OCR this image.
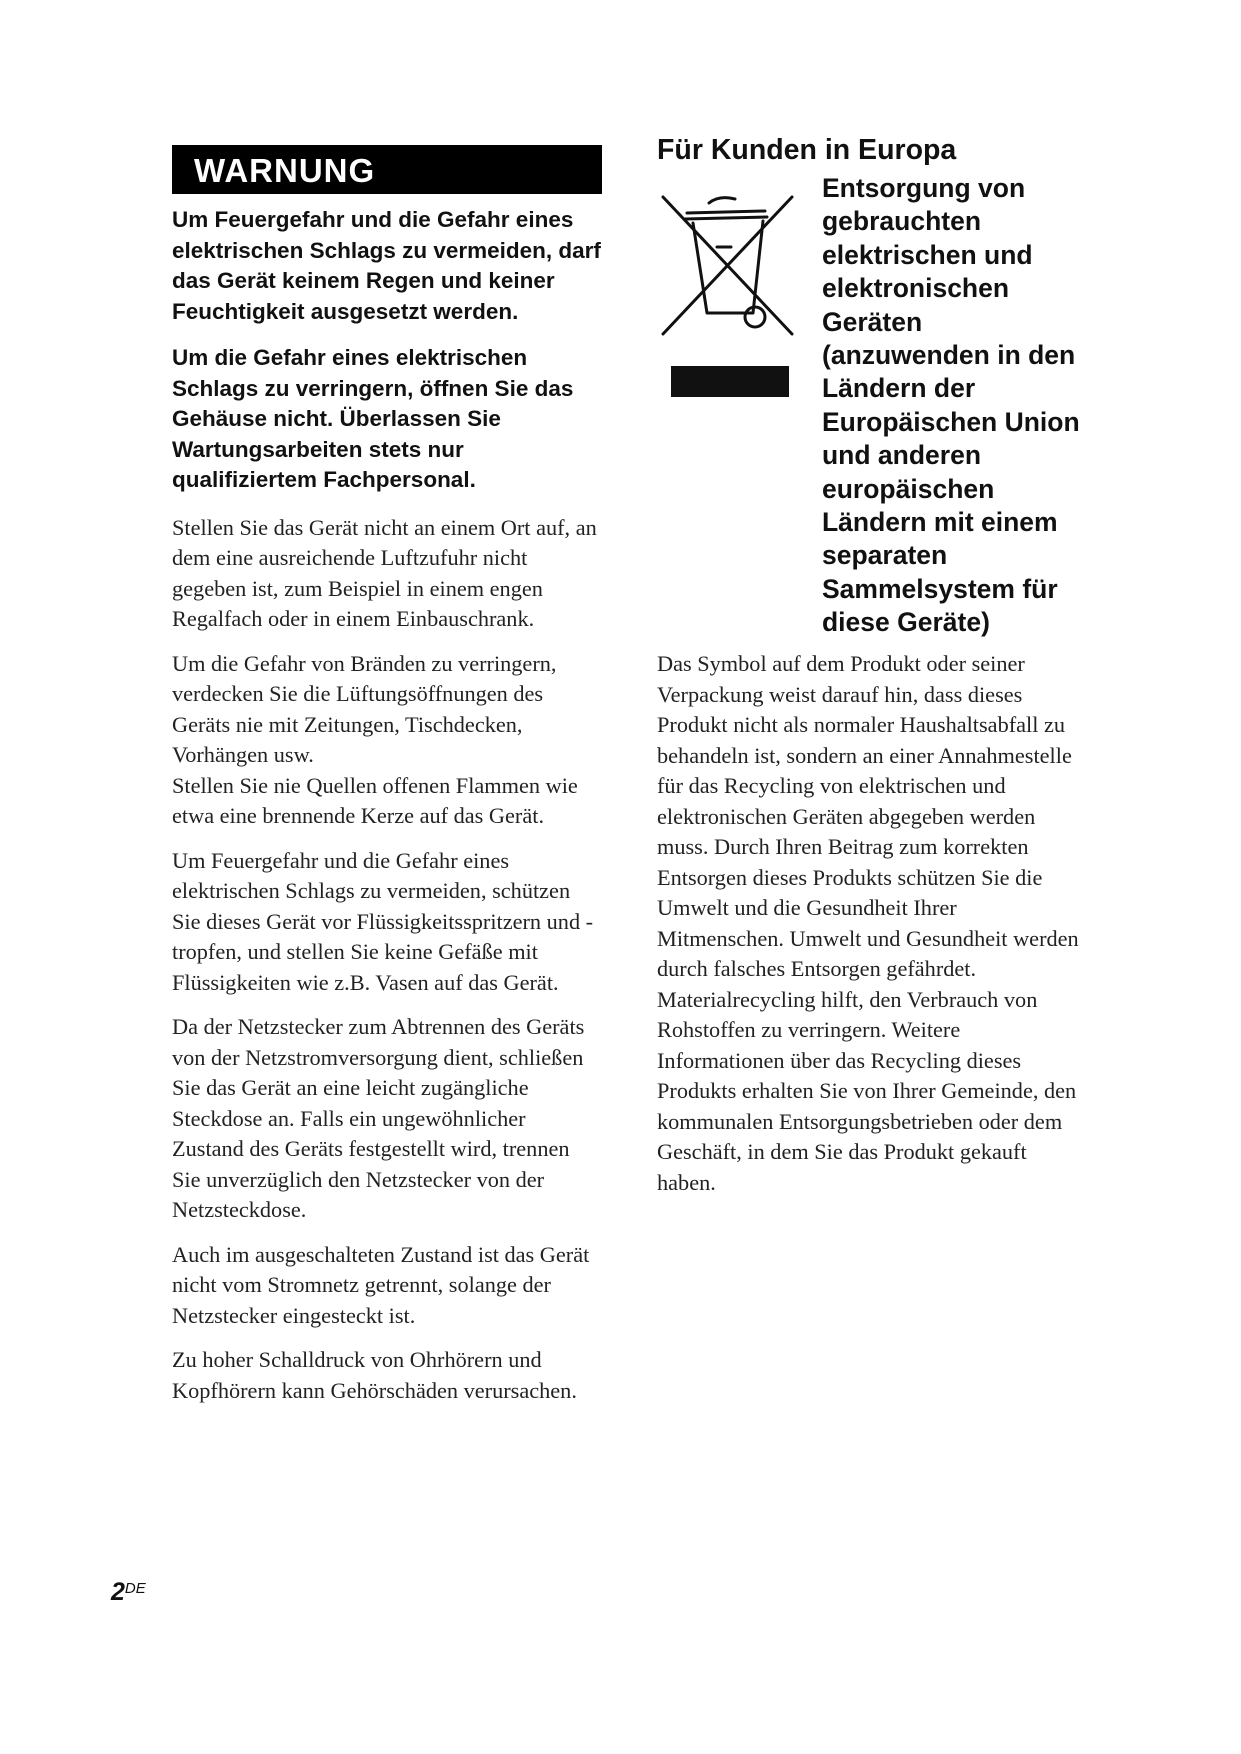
WARNUNG

Um Feuergefahr und die Gefahr eines elektrischen Schlags zu vermeiden, darf das Gerät keinem Regen und keiner Feuchtigkeit ausgesetzt werden.

Um die Gefahr eines elektrischen Schlags zu verringern, öffnen Sie das Gehäuse nicht. Überlassen Sie Wartungsarbeiten stets nur qualifiziertem Fachpersonal.

Stellen Sie das Gerät nicht an einem Ort auf, an dem eine ausreichende Luftzufuhr nicht gegeben ist, zum Beispiel in einem engen Regalfach oder in einem Einbauschrank.

Um die Gefahr von Bränden zu verringern, verdecken Sie die Lüftungsöffnungen des Geräts nie mit Zeitungen, Tischdecken, Vorhängen usw.

Stellen Sie nie Quellen offenen Flammen wie etwa eine brennende Kerze auf das Gerät.

Um Feuergefahr und die Gefahr eines elektrischen Schlags zu vermeiden, schützen Sie dieses Gerät vor Flüssigkeitsspritzern und -tropfen, und stellen Sie keine Gefäße mit Flüssigkeiten wie z.B. Vasen auf das Gerät.

Da der Netzstecker zum Abtrennen des Geräts von der Netzstromversorgung dient, schließen Sie das Gerät an eine leicht zugängliche Steckdose an. Falls ein ungewöhnlicher Zustand des Geräts festgestellt wird, trennen Sie unverzüglich den Netzstecker von der Netzsteckdose.

Auch im ausgeschalteten Zustand ist das Gerät nicht vom Stromnetz getrennt, solange der Netzstecker eingesteckt ist.

Zu hoher Schalldruck von Ohrhörern und Kopfhörern kann Gehörschäden verursachen.

Für Kunden in Europa

Entsorgung von gebrauchten elektrischen und elektronischen Geräten (anzuwenden in den Ländern der Europäischen Union und anderen europäischen Ländern mit einem separaten Sammelsystem für diese Geräte)

Das Symbol auf dem Produkt oder seiner Verpackung weist darauf hin, dass dieses Produkt nicht als normaler Haushaltsabfall zu behandeln ist, sondern an einer Annahmestelle für das Recycling von elektrischen und elektronischen Geräten abgegeben werden muss. Durch Ihren Beitrag zum korrekten Entsorgen dieses Produkts schützen Sie die Umwelt und die Gesundheit Ihrer Mitmenschen. Umwelt und Gesundheit werden durch falsches Entsorgen gefährdet. Materialrecycling hilft, den Verbrauch von Rohstoffen zu verringern. Weitere Informationen über das Recycling dieses Produkts erhalten Sie von Ihrer Gemeinde, den kommunalen Entsorgungsbetrieben oder dem Geschäft, in dem Sie das Produkt gekauft haben.

2DE
